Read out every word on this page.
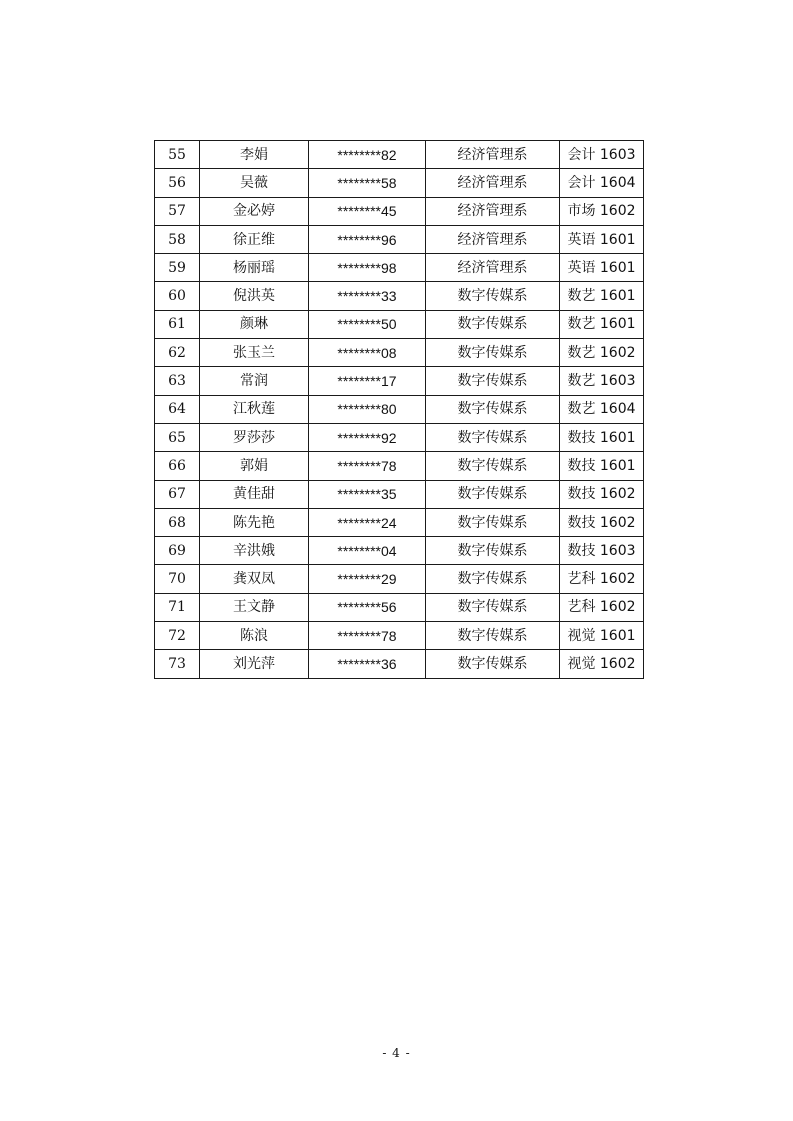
55	李娟	********82	经济管理系	会计 1603
56	吴薇	********58	经济管理系	会计 1604
57	金必婷	********45	经济管理系	市场 1602
58	徐正维	********96	经济管理系	英语 1601
59	杨丽瑶	********98	经济管理系	英语 1601
60	倪洪英	********33	数字传媒系	数艺 1601
61	颜琳	********50	数字传媒系	数艺 1601
62	张玉兰	********08	数字传媒系	数艺 1602
63	常润	********17	数字传媒系	数艺 1603
64	江秋莲	********80	数字传媒系	数艺 1604
65	罗莎莎	********92	数字传媒系	数技 1601
66	郭娟	********78	数字传媒系	数技 1601
67	黄佳甜	********35	数字传媒系	数技 1602
68	陈先艳	********24	数字传媒系	数技 1602
69	辛洪娥	********04	数字传媒系	数技 1603
70	龚双凤	********29	数字传媒系	艺科 1602
71	王文静	********56	数字传媒系	艺科 1602
72	陈浪	********78	数字传媒系	视觉 1601
73	刘光萍	********36	数字传媒系	视觉 1602
- 4 -
